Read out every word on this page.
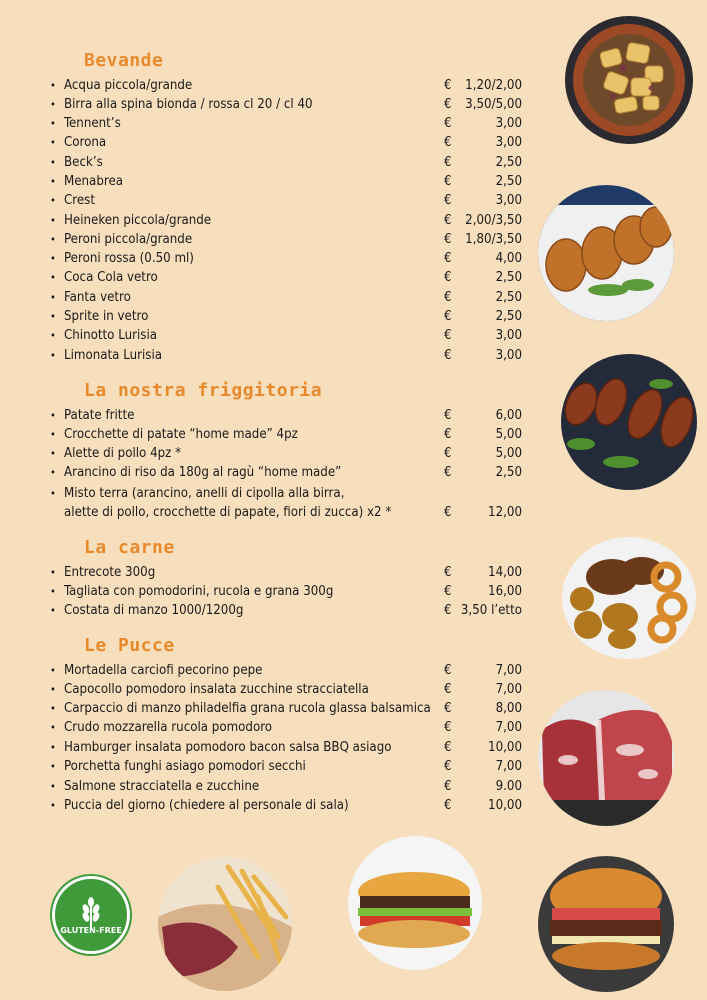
Bevande
La nostra friggitoria
La carne
Le Pucce
• Acqua piccola/grande	€ 1,20/2,00
• Birra alla spina bionda / rossa cl 20 / cl 40	€ 3,50/5,00
• Tennent’s	€	3,00
• Corona	€	3,00
• Beck’s	€	2,50
• Menabrea	€	2,50
• Crest	€	3,00
• Heineken piccola/grande	€ 2,00/3,50
• Peroni piccola/grande	€ 1,80/3,50
• Peroni rossa (0.50 ml)	€	4,00
• Coca Cola vetro	€	2,50
• Fanta vetro	€	2,50
• Sprite in vetro	€	2,50
• Chinotto Lurisia	€	3,00
• Limonata Lurisia	€	3,00
• Patate fritte	€	6,00
• Crocchette di patate “home made” 4pz	€	5,00
• Alette di pollo 4pz *	€	5,00
• Arancino di riso da 180g al ragù “home made”	€	2,50
• Misto terra (arancino, anelli di cipolla alla birra,
alette di pollo, crocchette di papate, fiori di zucca) x2 *	€	12,00
• Entrecote 300g	€	14,00
• Tagliata con pomodorini, rucola e grana 300g	€	16,00
• Costata di manzo 1000/1200g	€ 3,50 l’etto
• Mortadella carciofi pecorino pepe	€	7,00
• Capocollo pomodoro insalata zucchine stracciatella	€	7,00
• Carpaccio di manzo philadelfia grana rucola glassa balsamica €	8,00
• Crudo mozzarella rucola pomodoro	€	7,00
• Hamburger insalata pomodoro bacon salsa BBQ asiago	€	10,00
• Porchetta funghi asiago pomodori secchi	€	7,00
• Salmone stracciatella e zucchine	€	9.00
• Puccia del giorno (chiedere al personale di sala)	€	10,00
GLUTEN-FREE
